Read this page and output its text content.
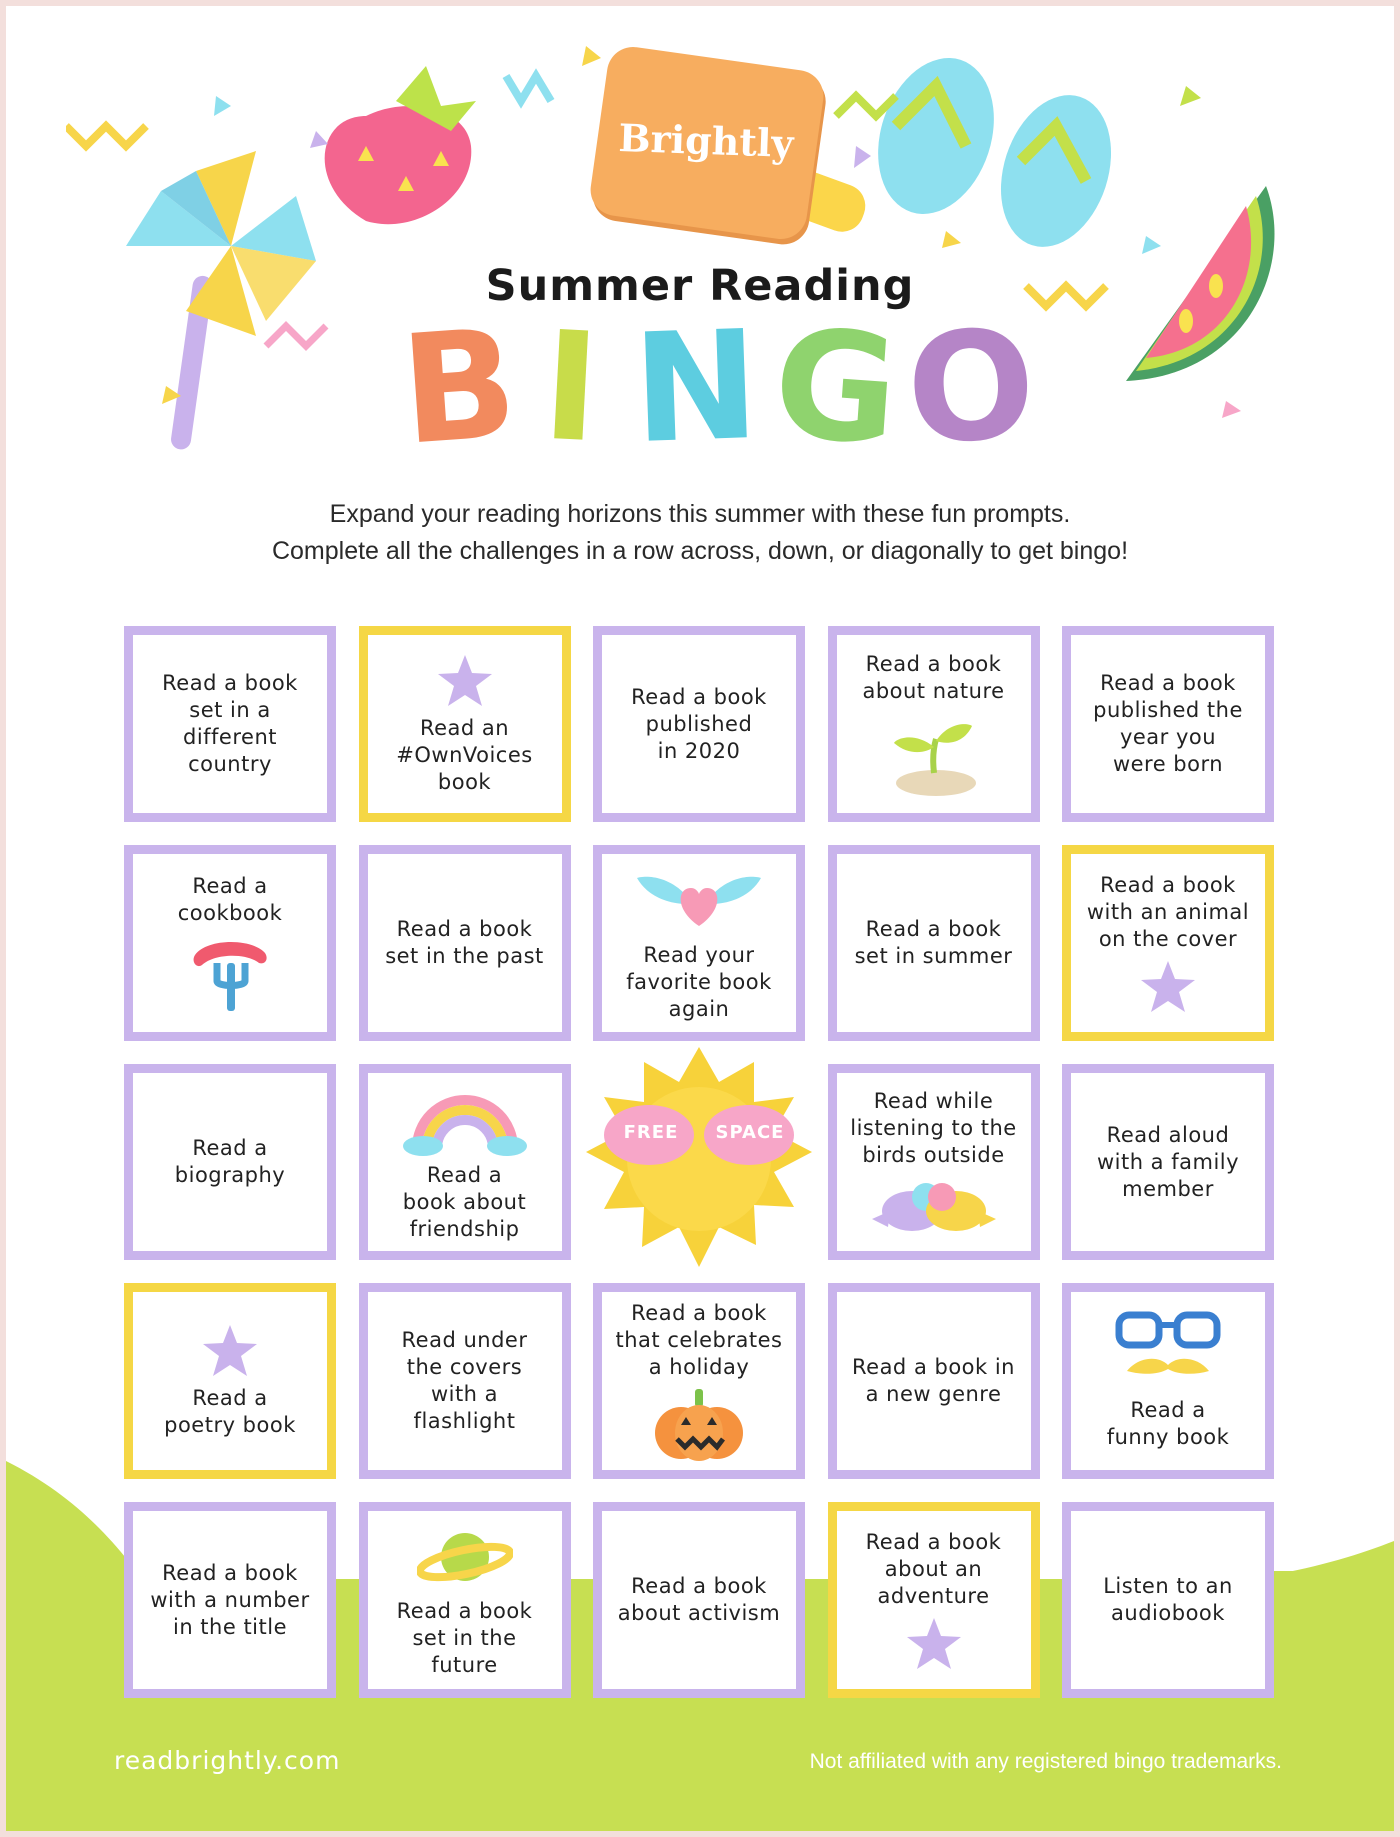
Brightly
Summer Reading
B I N G O
Expand your reading horizons this summer with these fun prompts.
Complete all the challenges in a row across, down, or diagonally to get bingo!
Read a book
set in a
different
country
Read an
#OwnVoices
book
Read a book
published
in 2020
Read a book
about nature	Read a book
published the
year you
were born
Read a
cookbook
Read a book
set in the past	Read your
favorite book
again
Read a book
set in summer
Read a book
with an animal
on the cover
Read a
biography	Read a
book about
friendship
FREE	SPACE
Read while
listening to the
birds outside
Read aloud
with a family
member
Read a
poetry book
Read under
the covers
with a
flashlight
Read a book
that celebrates
a holiday	Read a book in
a new genre
Read a
funny book
Read a book
with a number
in the title
Read a book
set in the
future
Read a book
about activism
Read a book
about an
adventure	Listen to an
audiobook
readbrightly.com	Not affiliated with any registered bingo trademarks.
